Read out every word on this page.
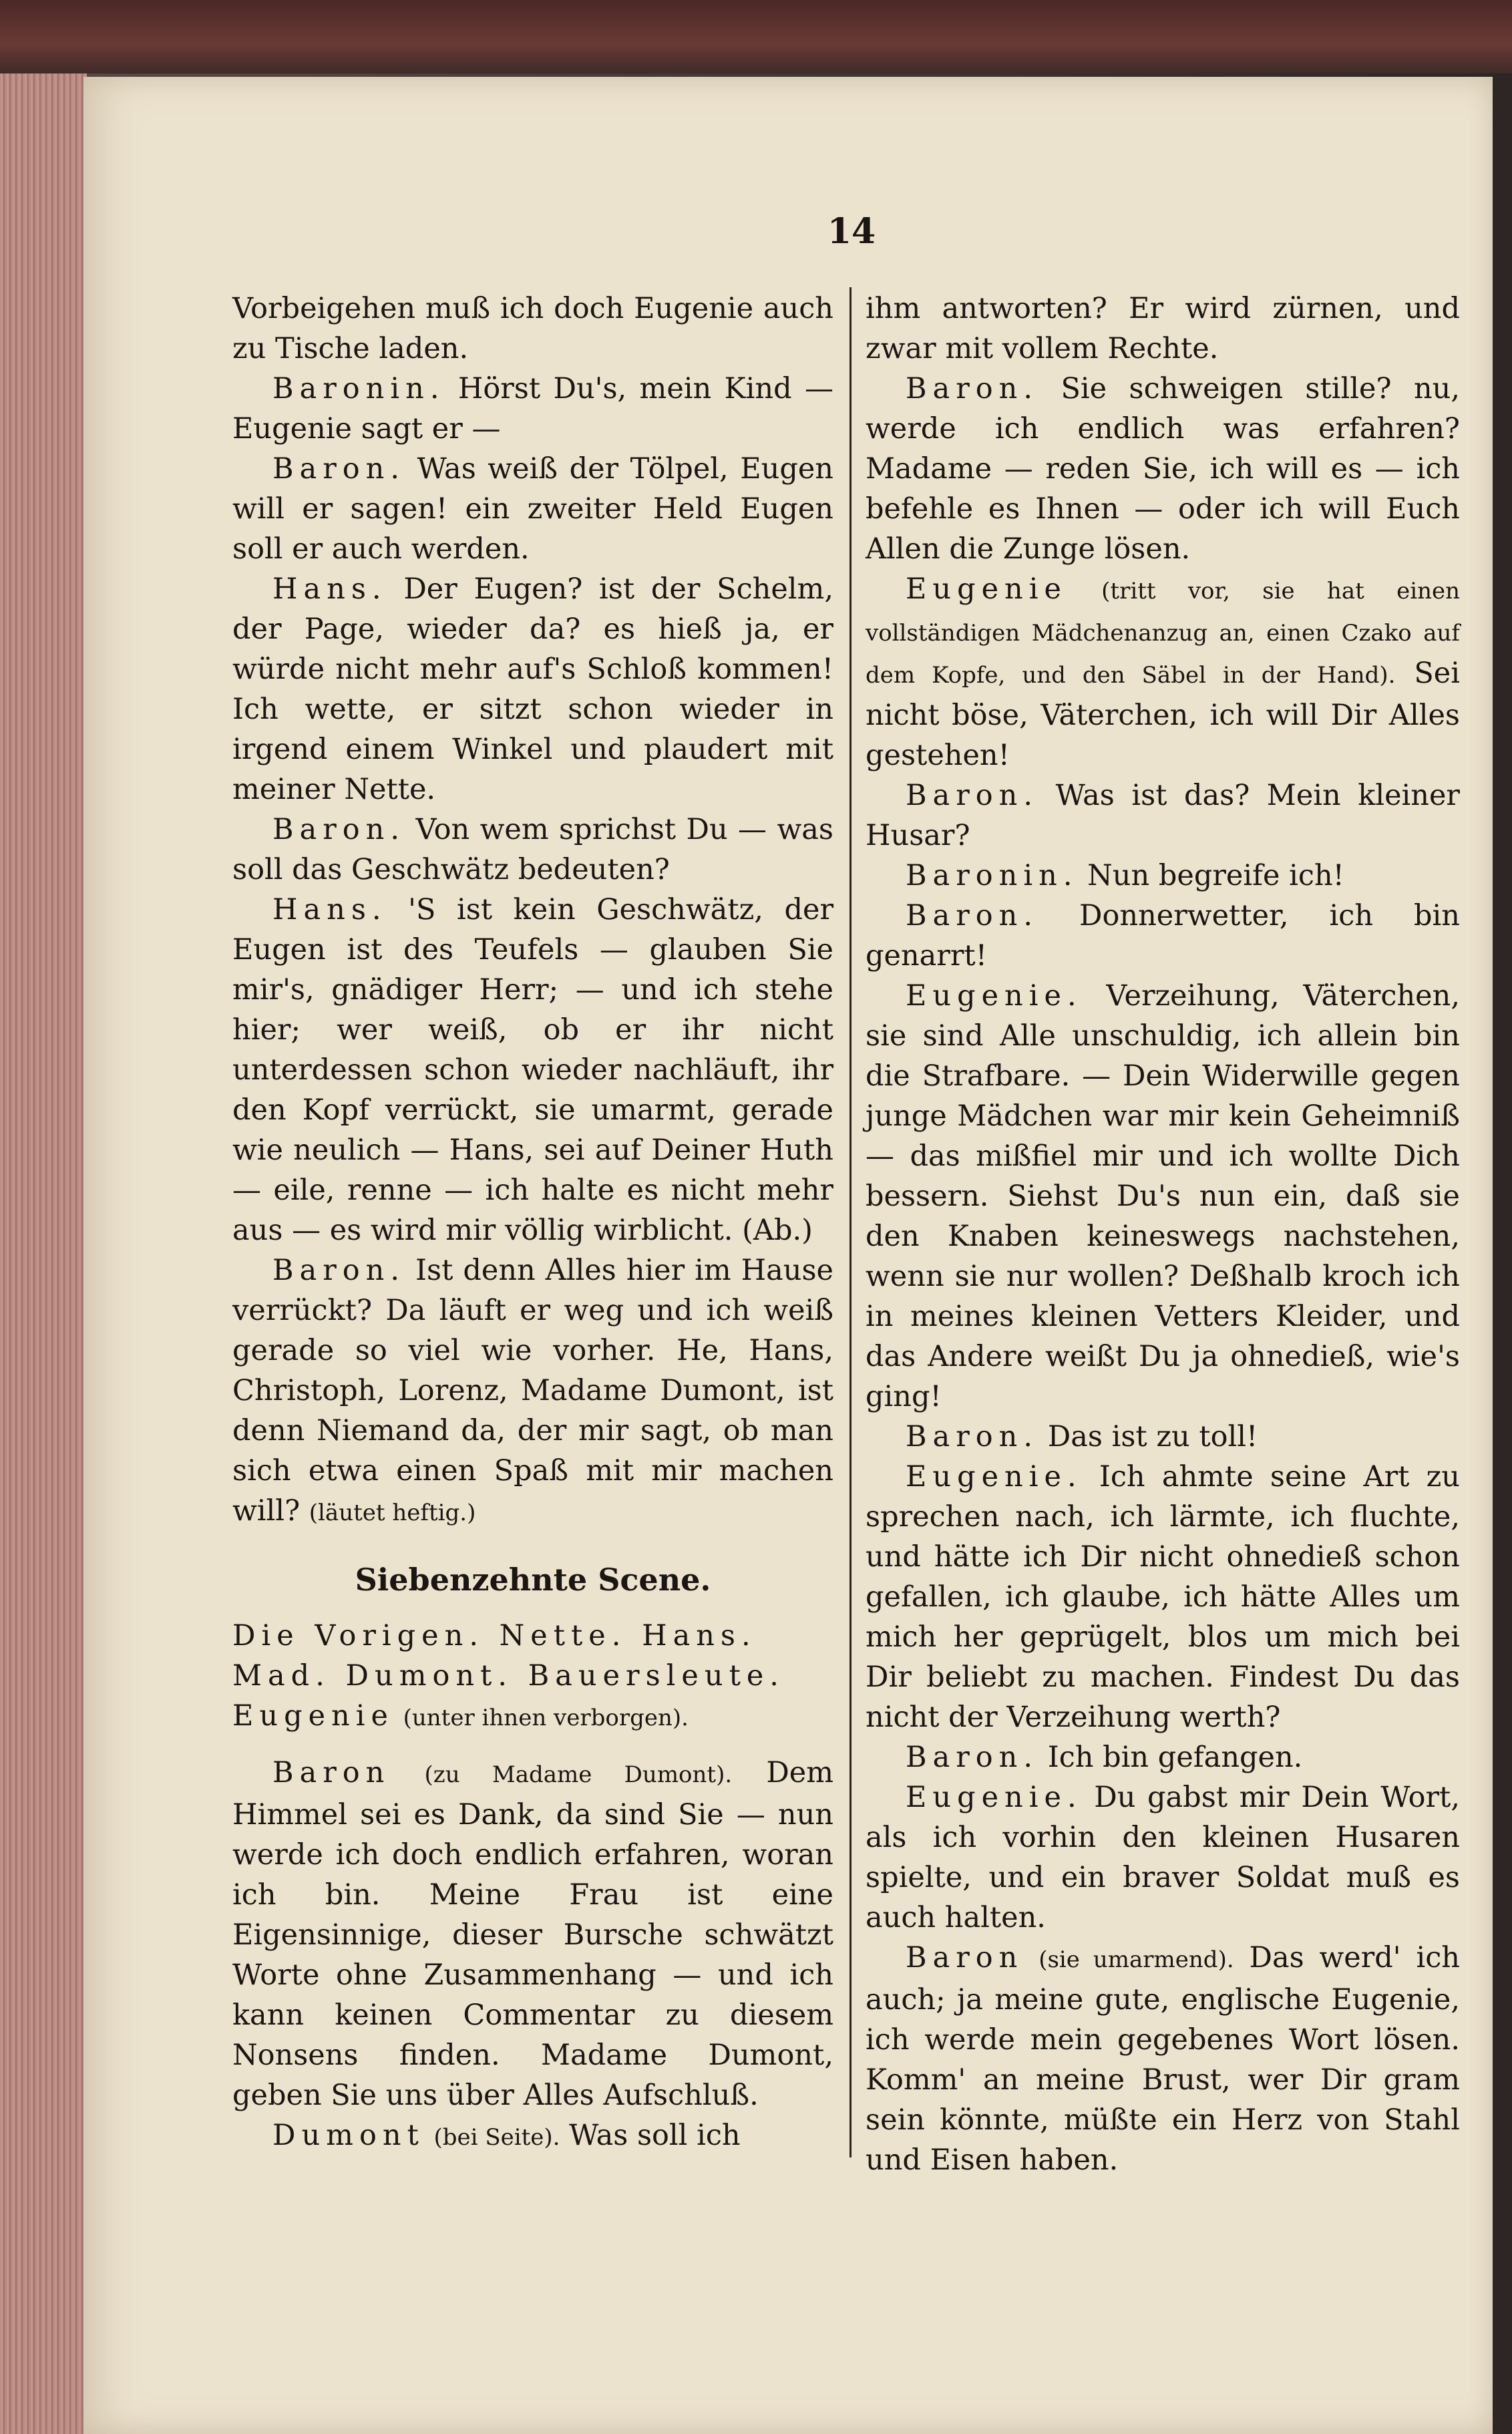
14

Vorbeigehen muß ich doch Eugenie auch zu Tische laden.

Baronin. Hörst Du's, mein Kind — Eugenie sagt er —

Baron. Was weiß der Tölpel, Eugen will er sagen! ein zweiter Held Eugen soll er auch werden.

Hans. Der Eugen? ist der Schelm, der Page, wieder da? es hieß ja, er würde nicht mehr auf's Schloß kommen! Ich wette, er sitzt schon wieder in irgend einem Winkel und plaudert mit meiner Nette.

Baron. Von wem sprichst Du — was soll das Geschwätz bedeuten?

Hans. 'S ist kein Geschwätz, der Eugen ist des Teufels — glauben Sie mir's, gnädiger Herr; — und ich stehe hier; wer weiß, ob er ihr nicht unterdessen schon wieder nachläuft, ihr den Kopf verrückt, sie umarmt, gerade wie neulich — Hans, sei auf Deiner Huth — eile, renne — ich halte es nicht mehr aus — es wird mir völlig wirblicht. (Ab.)

Baron. Ist denn Alles hier im Hause verrückt? Da läuft er weg und ich weiß gerade so viel wie vorher. He, Hans, Christoph, Lorenz, Madame Dumont, ist denn Niemand da, der mir sagt, ob man sich etwa einen Spaß mit mir machen will? (läutet heftig.)

Siebenzehnte Scene.

Die Vorigen. Nette. Hans.

Mad. Dumont. Bauersleute.

Eugenie (unter ihnen verborgen).

Baron (zu Madame Dumont). Dem Himmel sei es Dank, da sind Sie — nun werde ich doch endlich erfahren, woran ich bin. Meine Frau ist eine Eigensinnige, dieser Bursche schwätzt Worte ohne Zusammenhang — und ich kann keinen Commentar zu diesem Nonsens finden. Madame Dumont, geben Sie uns über Alles Aufschluß.

Dumont (bei Seite). Was soll ich

ihm antworten? Er wird zürnen, und zwar mit vollem Rechte.

Baron. Sie schweigen stille? nu, werde ich endlich was erfahren? Madame — reden Sie, ich will es — ich befehle es Ihnen — oder ich will Euch Allen die Zunge lösen.

Eugenie (tritt vor, sie hat einen vollständigen Mädchenanzug an, einen Czako auf dem Kopfe, und den Säbel in der Hand). Sei nicht böse, Väterchen, ich will Dir Alles gestehen!

Baron. Was ist das? Mein kleiner Husar?

Baronin. Nun begreife ich!

Baron. Donnerwetter, ich bin genarrt!

Eugenie. Verzeihung, Väterchen, sie sind Alle unschuldig, ich allein bin die Strafbare. — Dein Widerwille gegen junge Mädchen war mir kein Geheimniß — das mißfiel mir und ich wollte Dich bessern. Siehst Du's nun ein, daß sie den Knaben keineswegs nachstehen, wenn sie nur wollen? Deßhalb kroch ich in meines kleinen Vetters Kleider, und das Andere weißt Du ja ohnedieß, wie's ging!

Baron. Das ist zu toll!

Eugenie. Ich ahmte seine Art zu sprechen nach, ich lärmte, ich fluchte, und hätte ich Dir nicht ohnedieß schon gefallen, ich glaube, ich hätte Alles um mich her geprügelt, blos um mich bei Dir beliebt zu machen. Findest Du das nicht der Verzeihung werth?

Baron. Ich bin gefangen.

Eugenie. Du gabst mir Dein Wort, als ich vorhin den kleinen Husaren spielte, und ein braver Soldat muß es auch halten.

Baron (sie umarmend). Das werd' ich auch; ja meine gute, englische Eugenie, ich werde mein gegebenes Wort lösen. Komm' an meine Brust, wer Dir gram sein könnte, müßte ein Herz von Stahl und Eisen haben.
